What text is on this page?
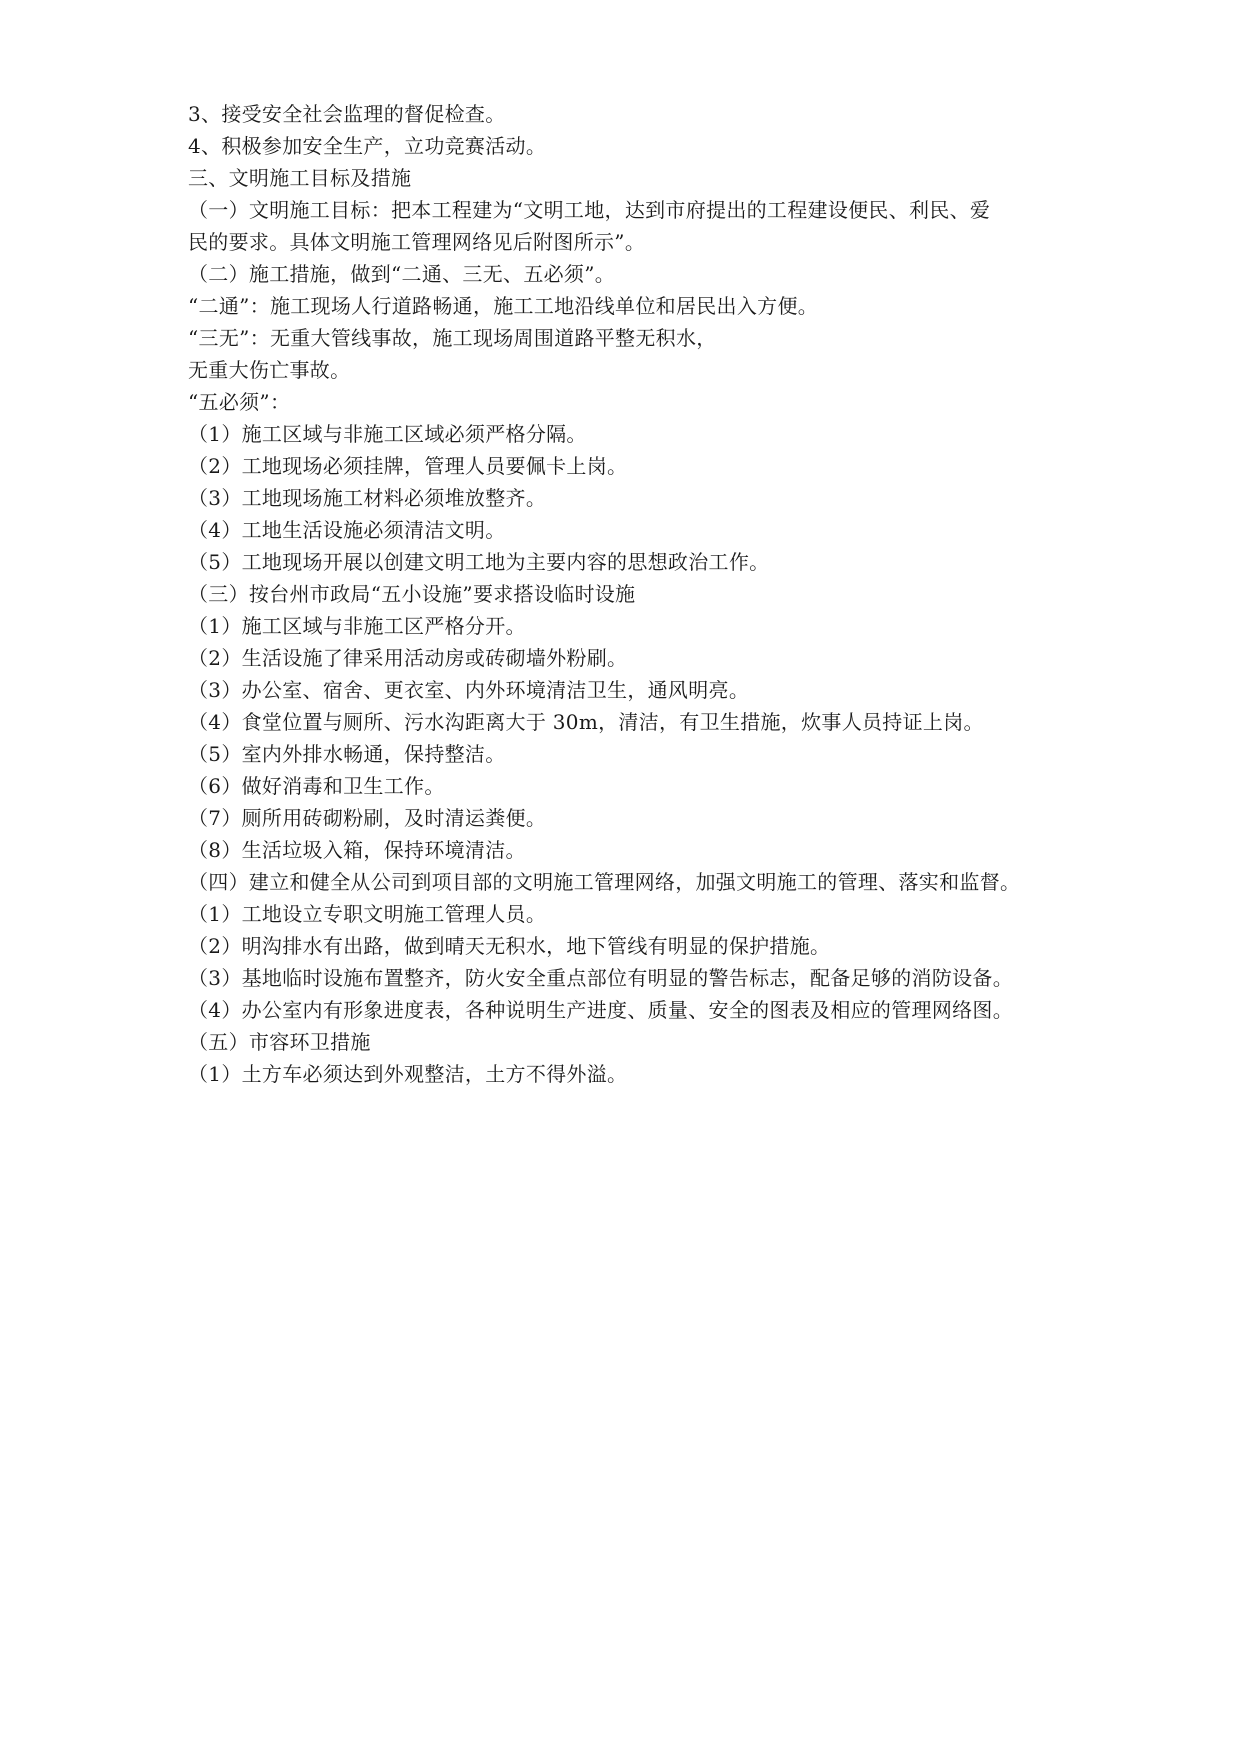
3、接受安全社会监理的督促检查。
4、积极参加安全生产，立功竞赛活动。
三、文明施工目标及措施
（一）文明施工目标：把本工程建为“文明工地，达到市府提出的工程建设便民、利民、爱
民的要求。具体文明施工管理网络见后附图所示”。
（二）施工措施，做到“二通、三无、五必须”。
“二通”：施工现场人行道路畅通，施工工地沿线单位和居民出入方便。
“三无”：无重大管线事故，施工现场周围道路平整无积水，
无重大伤亡事故。
“五必须”：
（1）施工区域与非施工区域必须严格分隔。
（2）工地现场必须挂牌，管理人员要佩卡上岗。
（3）工地现场施工材料必须堆放整齐。
（4）工地生活设施必须清洁文明。
（5）工地现场开展以创建文明工地为主要内容的思想政治工作。
（三）按台州市政局“五小设施”要求搭设临时设施
（1）施工区域与非施工区严格分开。
（2）生活设施了律采用活动房或砖砌墙外粉刷。
（3）办公室、宿舍、更衣室、内外环境清洁卫生，通风明亮。
（4）食堂位置与厕所、污水沟距离大于 30m，清洁，有卫生措施，炊事人员持证上岗。
（5）室内外排水畅通，保持整洁。
（6）做好消毒和卫生工作。
（7）厕所用砖砌粉刷，及时清运粪便。
（8）生活垃圾入箱，保持环境清洁。
（四）建立和健全从公司到项目部的文明施工管理网络，加强文明施工的管理、落实和监督。
（1）工地设立专职文明施工管理人员。
（2）明沟排水有出路，做到晴天无积水，地下管线有明显的保护措施。
（3）基地临时设施布置整齐，防火安全重点部位有明显的警告标志，配备足够的消防设备。
（4）办公室内有形象进度表，各种说明生产进度、质量、安全的图表及相应的管理网络图。
（五）市容环卫措施
（1）土方车必须达到外观整洁，土方不得外溢。
